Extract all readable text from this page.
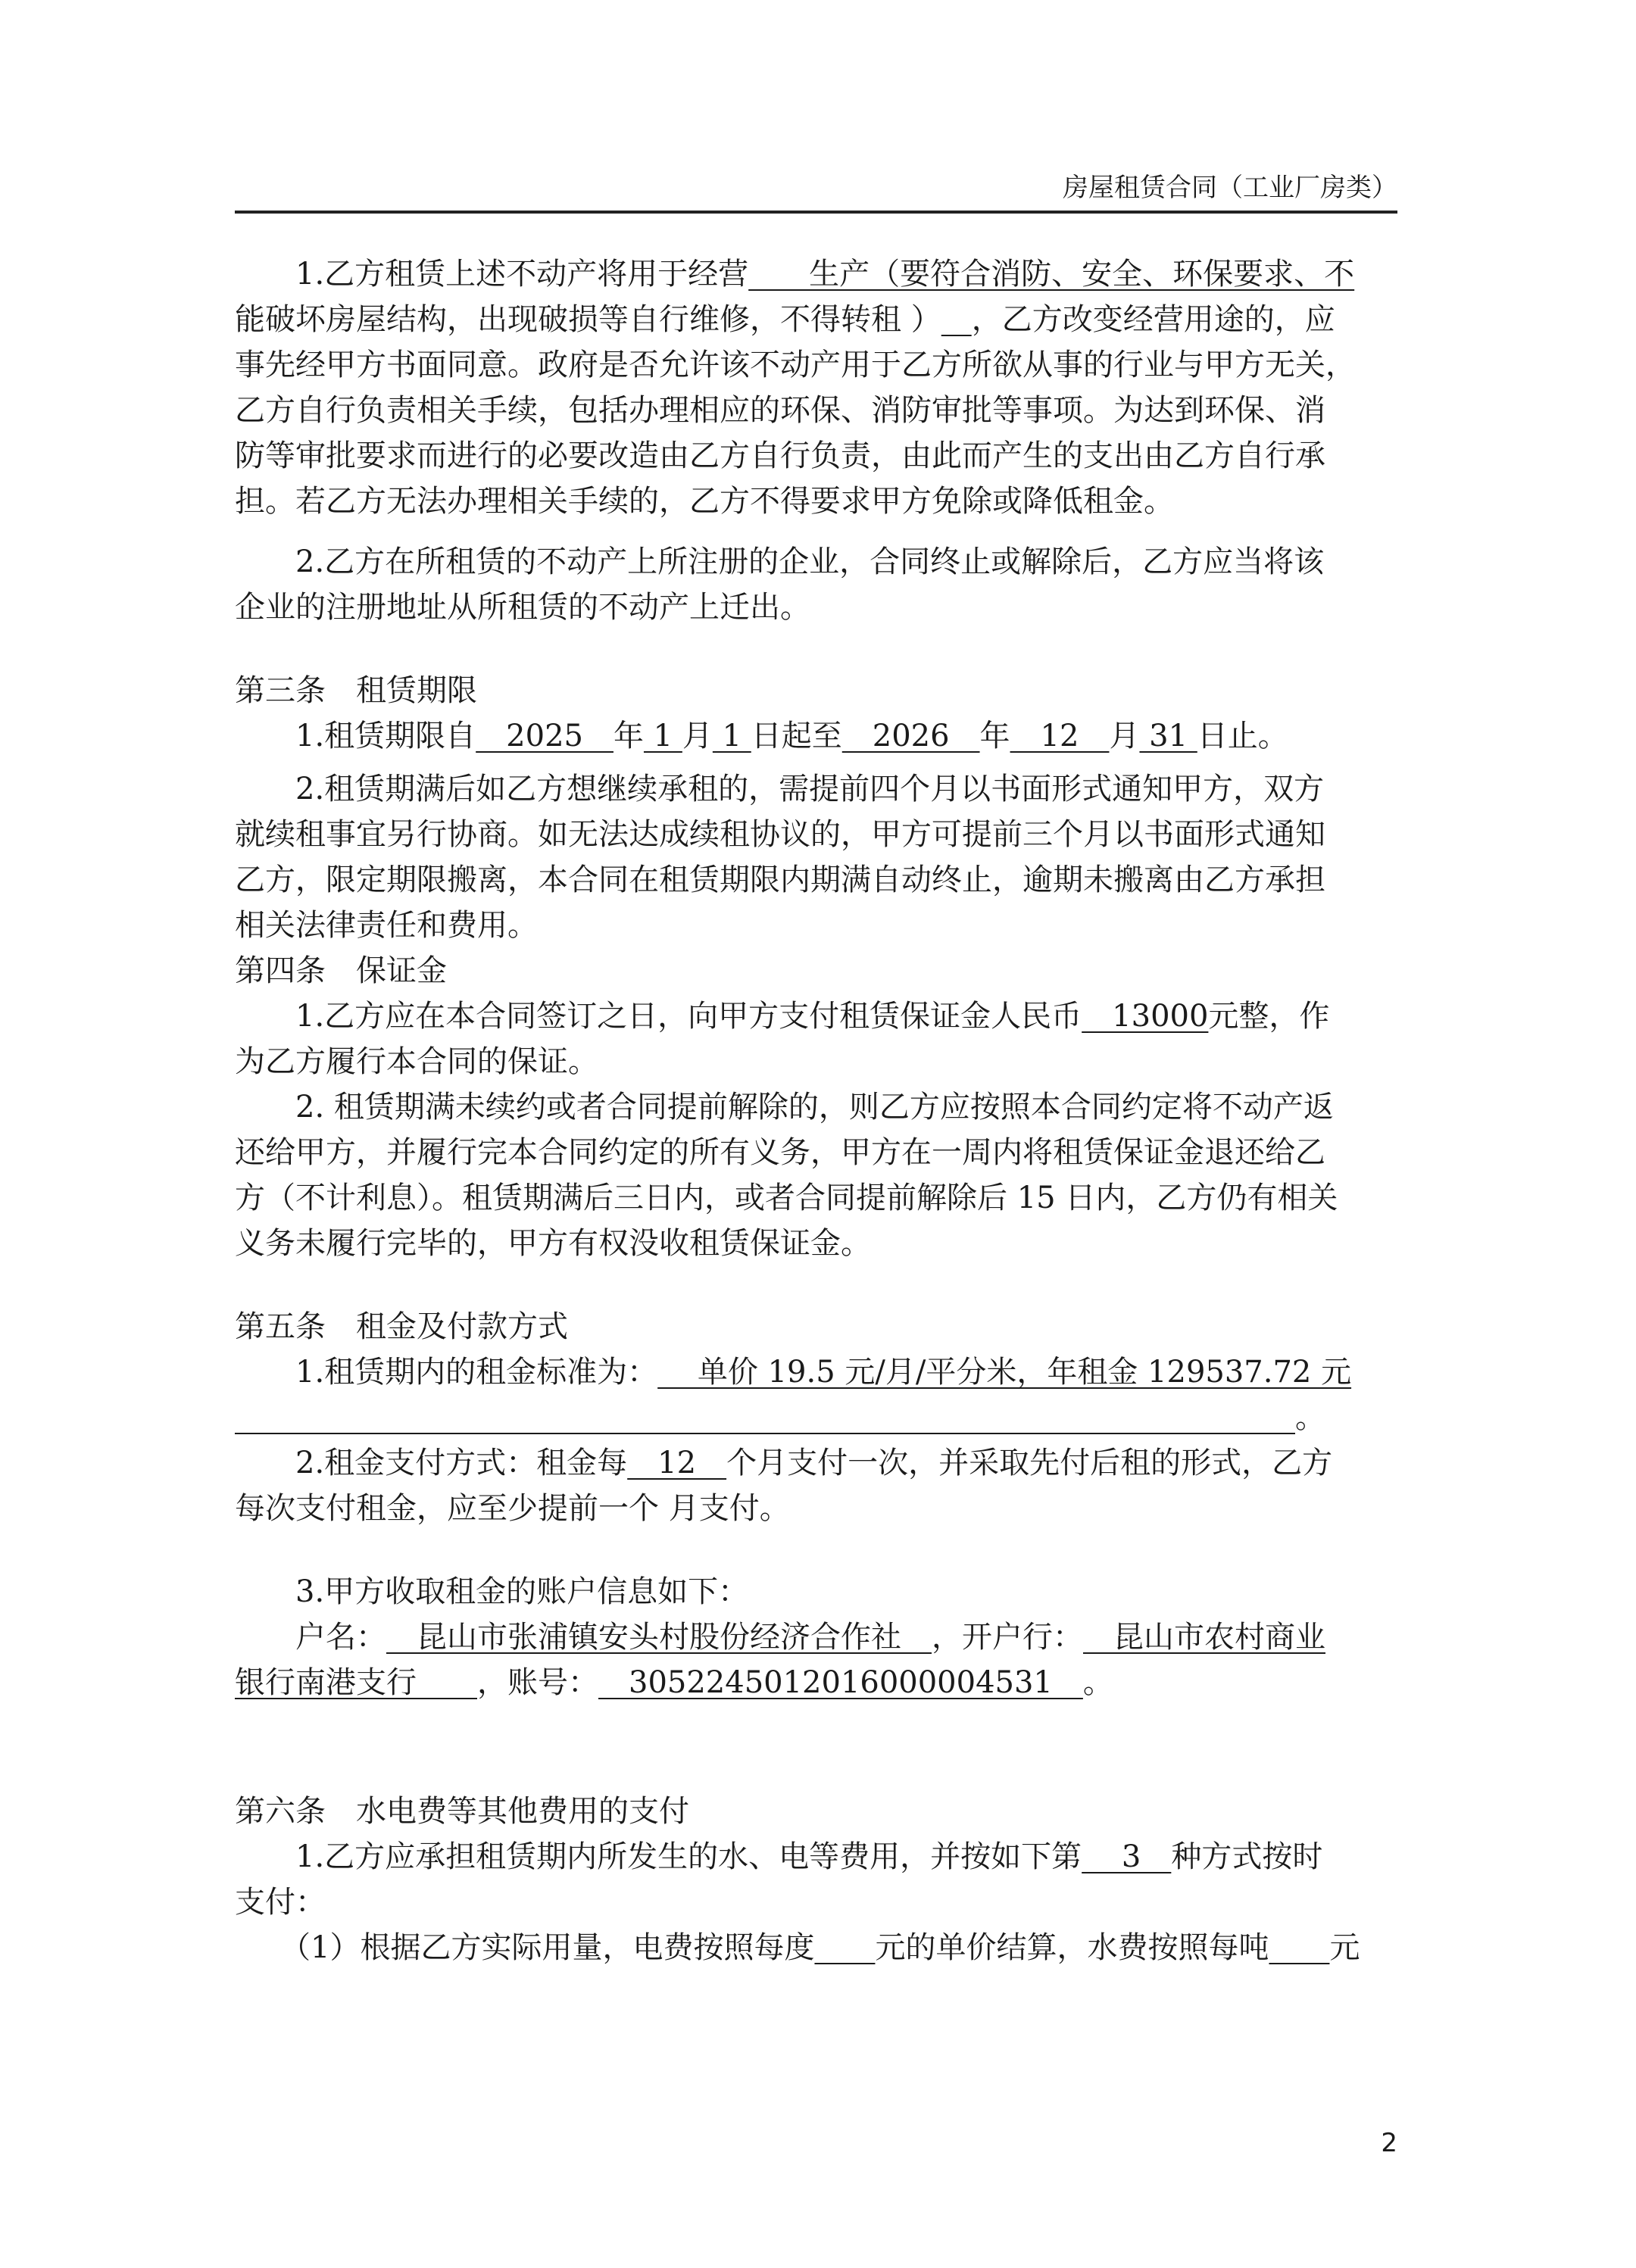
房屋租赁合同（工业厂房类）
　　1.乙方租赁上述不动产将用于经营 　　生产（要符合消防、安全、环保要求、不
能破坏房屋结构，出现破损等自行维修，不得转租 ）
　 ，乙方改变经营用途的，应
事先经甲方书面同意。政府是否允许该不动产用于乙方所欲从事的行业与甲方无关，
乙方自行负责相关手续，包括办理相应的环保、消防审批等事项。为达到环保、消
防等审批要求而进行的必要改造由乙方自行负责，由此而产生的支出由乙方自行承
担。若乙方无法办理相关手续的，乙方不得要求甲方免除或降低租金。
　　2.乙方在所租赁的不动产上所注册的企业，合同终止或解除后，乙方应当将该
企业的注册地址从所租赁的不动产上迁出。
第三条　租赁期限
　　1.租赁期限自 　2025　 年 1 月 1 日起至 　2026　 年 　12　 月 31 日止。
　　2.租赁期满后如乙方想继续承租的，需提前四个月以书面形式通知甲方，双方
就续租事宜另行协商。如无法达成续租协议的，甲方可提前三个月以书面形式通知
乙方，限定期限搬离，本合同在租赁期限内期满自动终止，逾期未搬离由乙方承担
相关法律责任和费用。
第四条　保证金
　　1.乙方应在本合同签订之日，向甲方支付租赁保证金人民币 　13000 元整，作
为乙方履行本合同的保证。
　　2. 租赁期满未续约或者合同提前解除的，则乙方应按照本合同约定将不动产返
还给甲方，并履行完本合同约定的所有义务，甲方在一周内将租赁保证金退还给乙
方（不计利息）。租赁期满后三日内，或者合同提前解除后 15 日内，乙方仍有相关
义务未履行完毕的，甲方有权没收租赁保证金。
第五条　租金及付款方式
　　1.租赁期内的租金标准为： 　 单价 19.5 元/月/平分米，年租金 129537.72 元

。
　　2.租金支付方式：租金每 　12　 个月支付一次，并采取先付后租的形式，乙方
每次支付租金，应至少提前一个 月支付。
　　3.甲方收取租金的账户信息如下：
　　户名： 　昆山市张浦镇安头村股份经济合作社　 ，开户行： 　昆山市农村商业
银行南港支行　　 ，账号： 　3052245012016000004531　 。
第六条　水电费等其他费用的支付
　　1.乙方应承担租赁期内所发生的水、电等费用，并按如下第 　 3　 种方式按时
支付：
　　（1）根据乙方实际用量，电费按照每度
　　 元的单价结算，水费按照每吨
　　 元
2
